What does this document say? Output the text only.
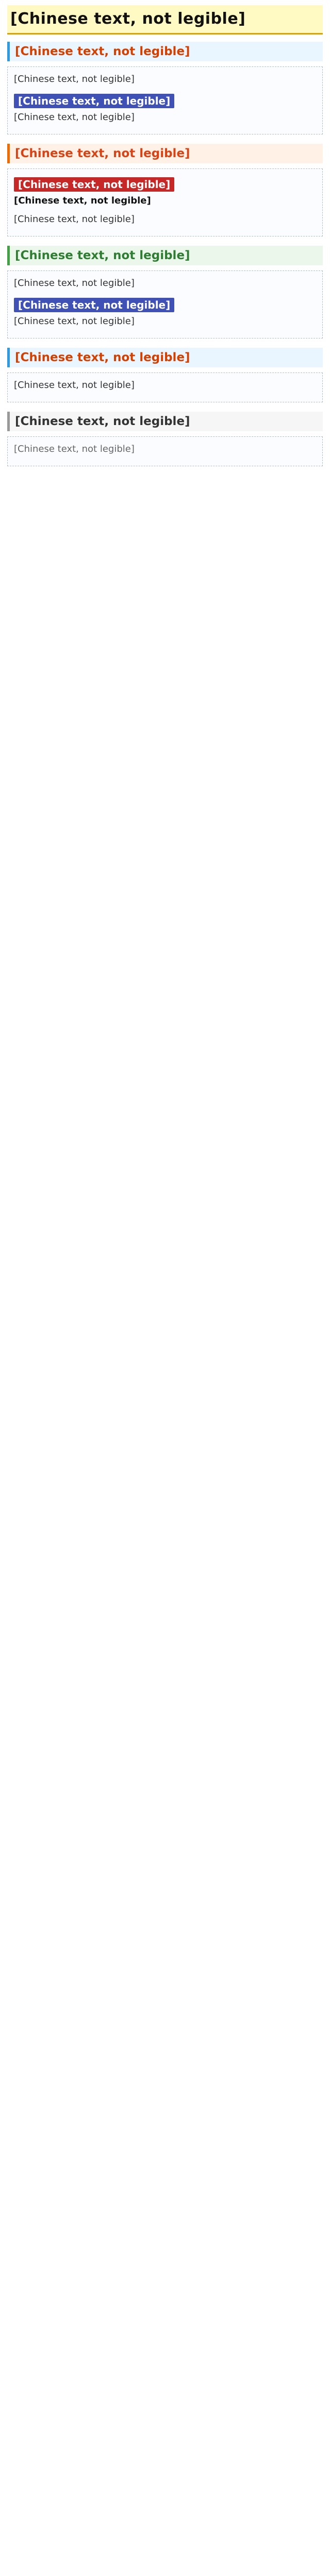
[Chinese text, not legible]
[Chinese text, not legible]

[Chinese text, not legible]

[Chinese text, not legible]

[Chinese text, not legible]

[Chinese text, not legible]
[Chinese text, not legible]

[Chinese text, not legible]

[Chinese text, not legible]

[Chinese text, not legible]

[Chinese text, not legible]

[Chinese text, not legible]

[Chinese text, not legible]

[Chinese text, not legible]

[Chinese text, not legible]

[Chinese text, not legible]

[Chinese text, not legible]
